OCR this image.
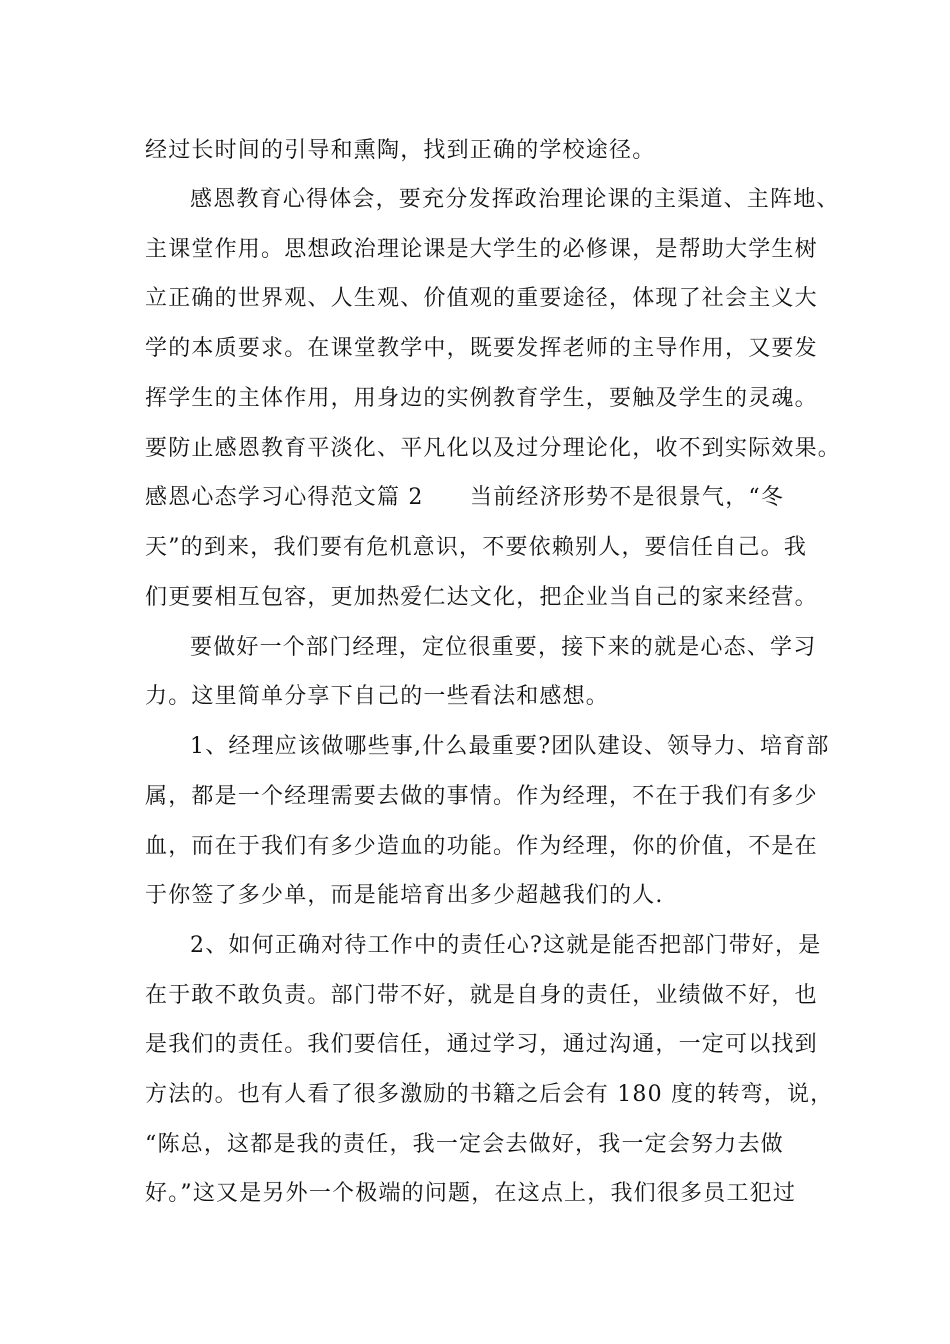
经过长时间的引导和熏陶，找到正确的学校途径。
感恩教育心得体会，要充分发挥政治理论课的主渠道、主阵地、
主课堂作用。思想政治理论课是大学生的必修课，是帮助大学生树
立正确的世界观、人生观、价值观的重要途径，体现了社会主义大
学的本质要求。在课堂教学中，既要发挥老师的主导作用，又要发
挥学生的主体作用，用身边的实例教育学生，要触及学生的灵魂。
要防止感恩教育平淡化、平凡化以及过分理论化，收不到实际效果。
感恩心态学习心得范文篇 2　　当前经济形势不是很景气，“冬
天”的到来，我们要有危机意识，不要依赖别人，要信任自己。我
们更要相互包容，更加热爱仁达文化，把企业当自己的家来经营。
要做好一个部门经理，定位很重要，接下来的就是心态、学习
力。这里简单分享下自己的一些看法和感想。
1、经理应该做哪些事,什么最重要?团队建设、领导力、培育部
属，都是一个经理需要去做的事情。作为经理，不在于我们有多少
血，而在于我们有多少造血的功能。作为经理，你的价值，不是在
于你签了多少单，而是能培育出多少超越我们的人.
2、如何正确对待工作中的责任心?这就是能否把部门带好，是
在于敢不敢负责。部门带不好，就是自身的责任，业绩做不好，也
是我们的责任。我们要信任，通过学习，通过沟通，一定可以找到
方法的。也有人看了很多激励的书籍之后会有 180 度的转弯，说，
“陈总，这都是我的责任，我一定会去做好，我一定会努力去做
好。”这又是另外一个极端的问题，在这点上，我们很多员工犯过
